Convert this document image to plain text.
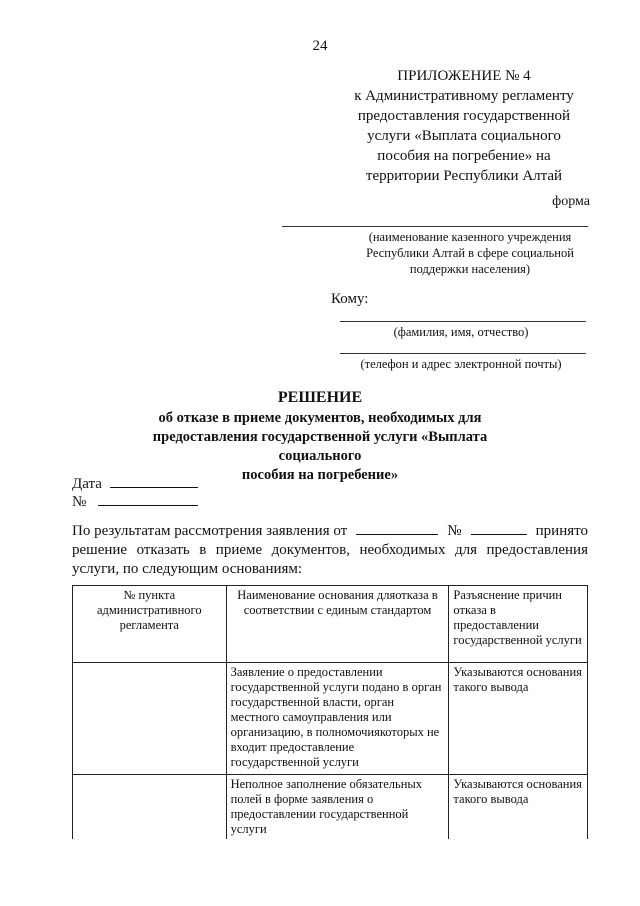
24
ПРИЛОЖЕНИЕ № 4
к Административному регламенту
предоставления государственной
услуги «Выплата социального
пособия на погребение» на
территории Республики Алтай
форма
(наименование казенного учреждения
Республики Алтай в сфере социальной
поддержки населения)
Кому:
(фамилия, имя, отчество)
(телефон и адрес электронной почты)
РЕШЕНИЕ
об отказе в приеме документов, необходимых для
предоставления государственной услуги «Выплата социального
пособия на погребение»
Дата
№
По результатам рассмотрения заявления от	№	принято
решение отказать в приеме документов, необходимых для предоставления услуги, по следующим основаниям:
№ пункта административного регламента	Наименование основания дляотказа в соответствии с единым стандартом	Разъяснение причин отказа в предоставлении государственной услуги
	Заявление о предоставлении государственной услуги подано в орган государственной власти, орган местного самоуправления или организацию, в полномочиякоторых не входит предоставление государственной услуги	Указываются основания такого вывода
	Неполное заполнение обязательных полей в форме заявления о предоставлении государственной услуги	Указываются основания такого вывода
